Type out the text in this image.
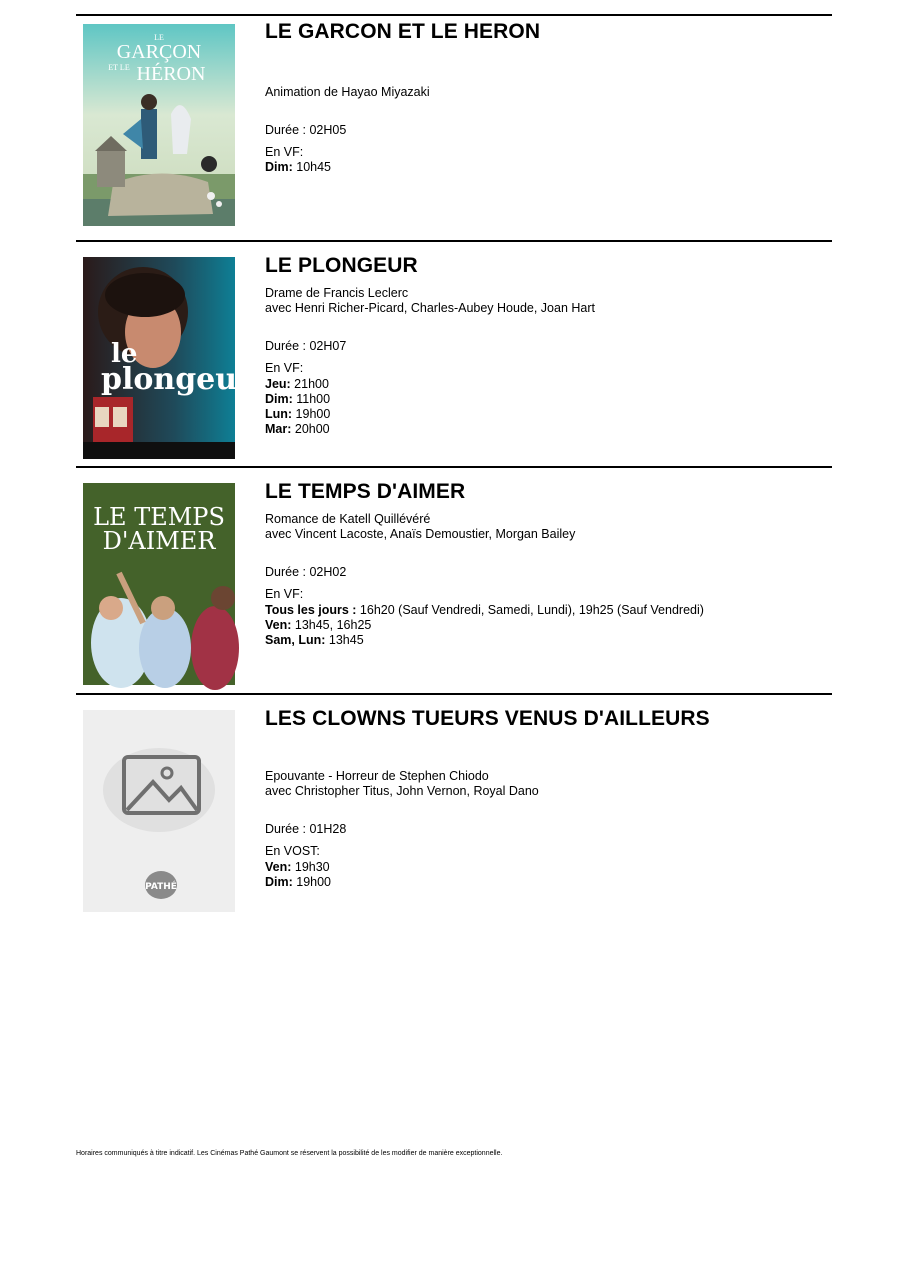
LE
GARÇON
ET LE HÉRON
LE GARCON ET LE HERON
Animation de Hayao Miyazaki
Durée : 02H05
En VF:
Dim: 10h45
le
plongeur
LE PLONGEUR
Drame de Francis Leclerc
avec Henri Richer-Picard, Charles-Aubey Houde, Joan Hart
Durée : 02H07
En VF:
Jeu: 21h00
Dim: 11h00
Lun: 19h00
Mar: 20h00
LE TEMPS
D'AIMER
LE TEMPS D'AIMER
Romance de Katell Quillévéré
avec Vincent Lacoste, Anaïs Demoustier, Morgan Bailey
Durée : 02H02
En VF:
Tous les jours : 16h20 (Sauf Vendredi, Samedi, Lundi), 19h25 (Sauf Vendredi)
Ven: 13h45, 16h25
Sam, Lun: 13h45
PATHÉ
LES CLOWNS TUEURS VENUS D'AILLEURS
Epouvante - Horreur de Stephen Chiodo
avec Christopher Titus, John Vernon, Royal Dano
Durée : 01H28
En VOST:
Ven: 19h30
Dim: 19h00
Horaires communiqués à titre indicatif. Les Cinémas Pathé Gaumont se réservent la possibilité de les modifier de manière exceptionnelle.
